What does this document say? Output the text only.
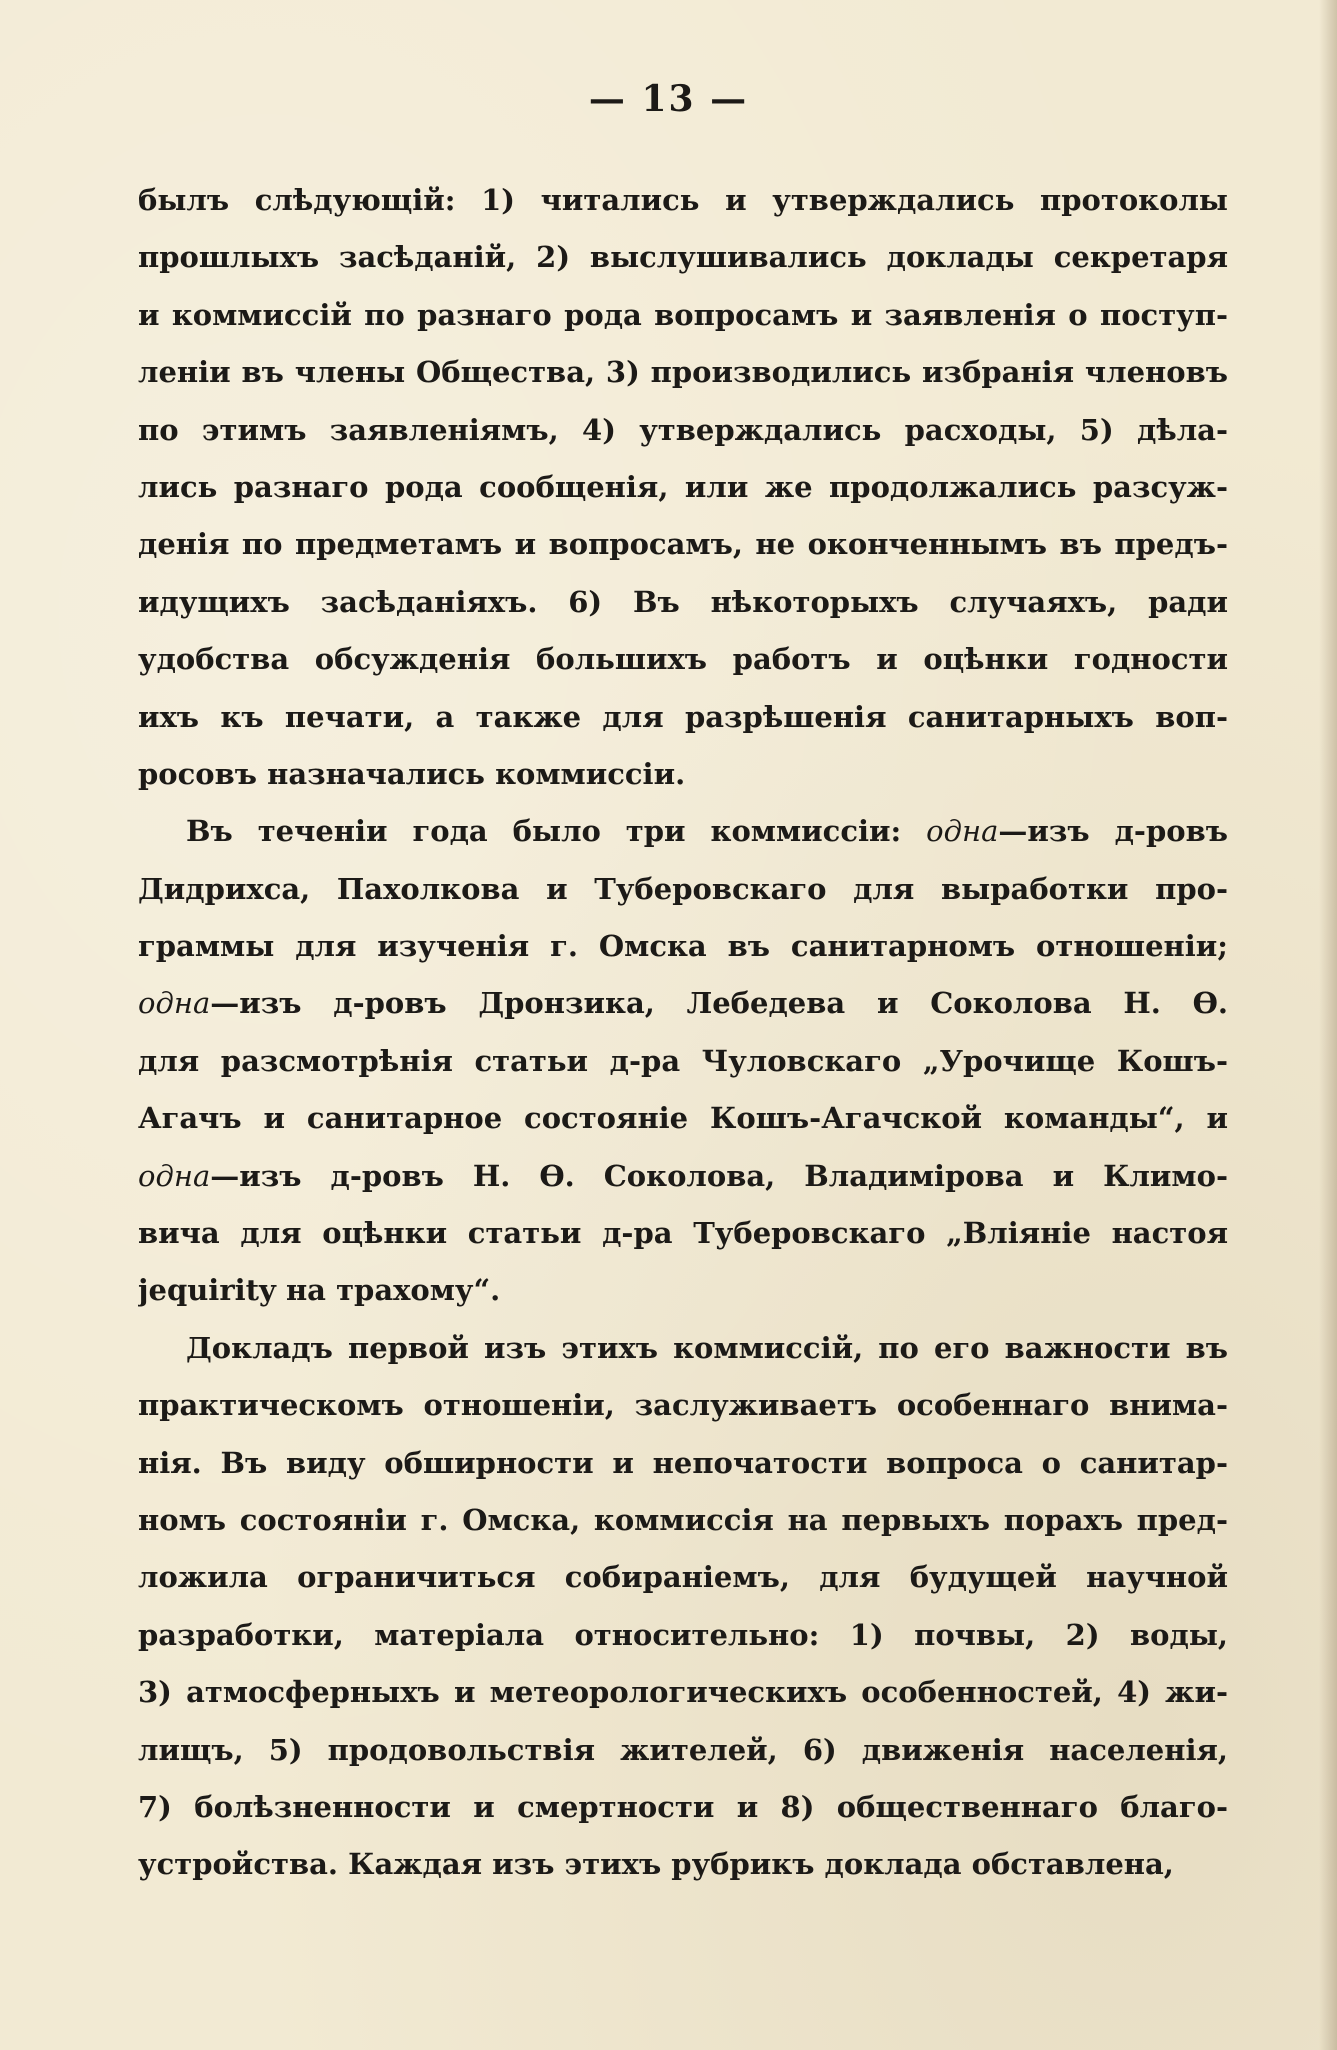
— 13 —
былъ слѣдующій: 1) читались и утверждались протоколы
прошлыхъ засѣданій, 2) выслушивались доклады секретаря
и коммиссій по разнаго рода вопросамъ и заявленія о поступ-
леніи въ члены Общества, 3) производились избранія членовъ
по этимъ заявленіямъ, 4) утверждались расходы, 5) дѣла-
лись разнаго рода сообщенія, или же продолжались разсуж-
денія по предметамъ и вопросамъ, не оконченнымъ въ предъ-
идущихъ засѣданіяхъ. 6) Въ нѣкоторыхъ случаяхъ, ради
удобства обсужденія большихъ работъ и оцѣнки годности
ихъ къ печати, а также для разрѣшенія санитарныхъ воп-
росовъ назначались коммиссіи.
Въ теченіи года было три коммиссіи: одна—изъ д-ровъ
Дидрихса, Пахолкова и Туберовскаго для выработки про-
граммы для изученія г. Омска въ санитарномъ отношеніи;
одна—изъ д-ровъ Дронзика, Лебедева и Соколова Н. Ѳ.
для разсмотрѣнія статьи д-ра Чуловскаго „Урочище Кошъ-
Агачъ и санитарное состояніе Кошъ-Агачской команды“, и
одна—изъ д-ровъ Н. Ѳ. Соколова, Владимірова и Климо-
вича для оцѣнки статьи д-ра Туберовскаго „Вліяніе настоя
jequirity на трахому“.
Докладъ первой изъ этихъ коммиссій, по его важности въ
практическомъ отношеніи, заслуживаетъ особеннаго внима-
нія. Въ виду обширности и непочатости вопроса о санитар-
номъ состояніи г. Омска, коммиссія на первыхъ порахъ пред-
ложила ограничиться собираніемъ, для будущей научной
разработки, матеріала относительно: 1) почвы, 2) воды,
3) атмосферныхъ и метеорологическихъ особенностей, 4) жи-
лищъ, 5) продовольствія жителей, 6) движенія населенія,
7) болѣзненности и смертности и 8) общественнаго благо-
устройства. Каждая изъ этихъ рубрикъ доклада обставлена,
